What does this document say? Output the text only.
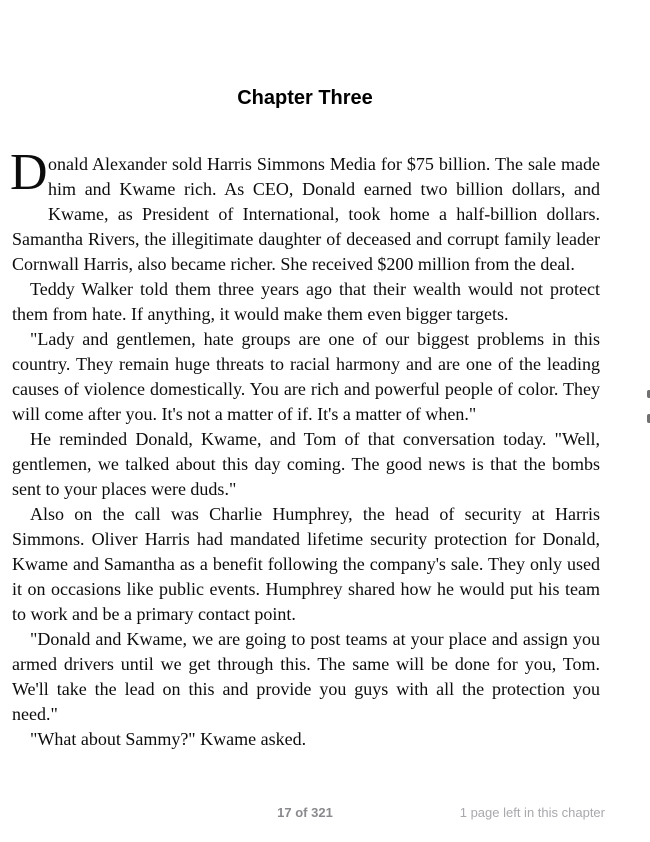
Chapter Three

D onald Alexander sold Harris Simmons Media for $75 billion. The sale made him and Kwame rich. As CEO, Donald earned two billion dollars, and Kwame, as President of International, took home a half-billion dollars. Samantha Rivers, the illegitimate daughter of deceased and corrupt family leader Cornwall Harris, also became richer. She received $200 million from the deal.

Teddy Walker told them three years ago that their wealth would not protect them from hate. If anything, it would make them even bigger targets.

"Lady and gentlemen, hate groups are one of our biggest problems in this country. They remain huge threats to racial harmony and are one of the leading causes of violence domestically. You are rich and powerful people of color. They will come after you. It's not a matter of if. It's a matter of when."

He reminded Donald, Kwame, and Tom of that conversation today. "Well, gentlemen, we talked about this day coming. The good news is that the bombs sent to your places were duds."

Also on the call was Charlie Humphrey, the head of security at Harris Simmons. Oliver Harris had mandated lifetime security protection for Donald, Kwame and Samantha as a benefit following the company's sale. They only used it on occasions like public events. Humphrey shared how he would put his team to work and be a primary contact point.

"Donald and Kwame, we are going to post teams at your place and assign you armed drivers until we get through this. The same will be done for you, Tom. We'll take the lead on this and provide you guys with all the protection you need."

"What about Sammy?" Kwame asked.

17 of 321	1 page left in this chapter
